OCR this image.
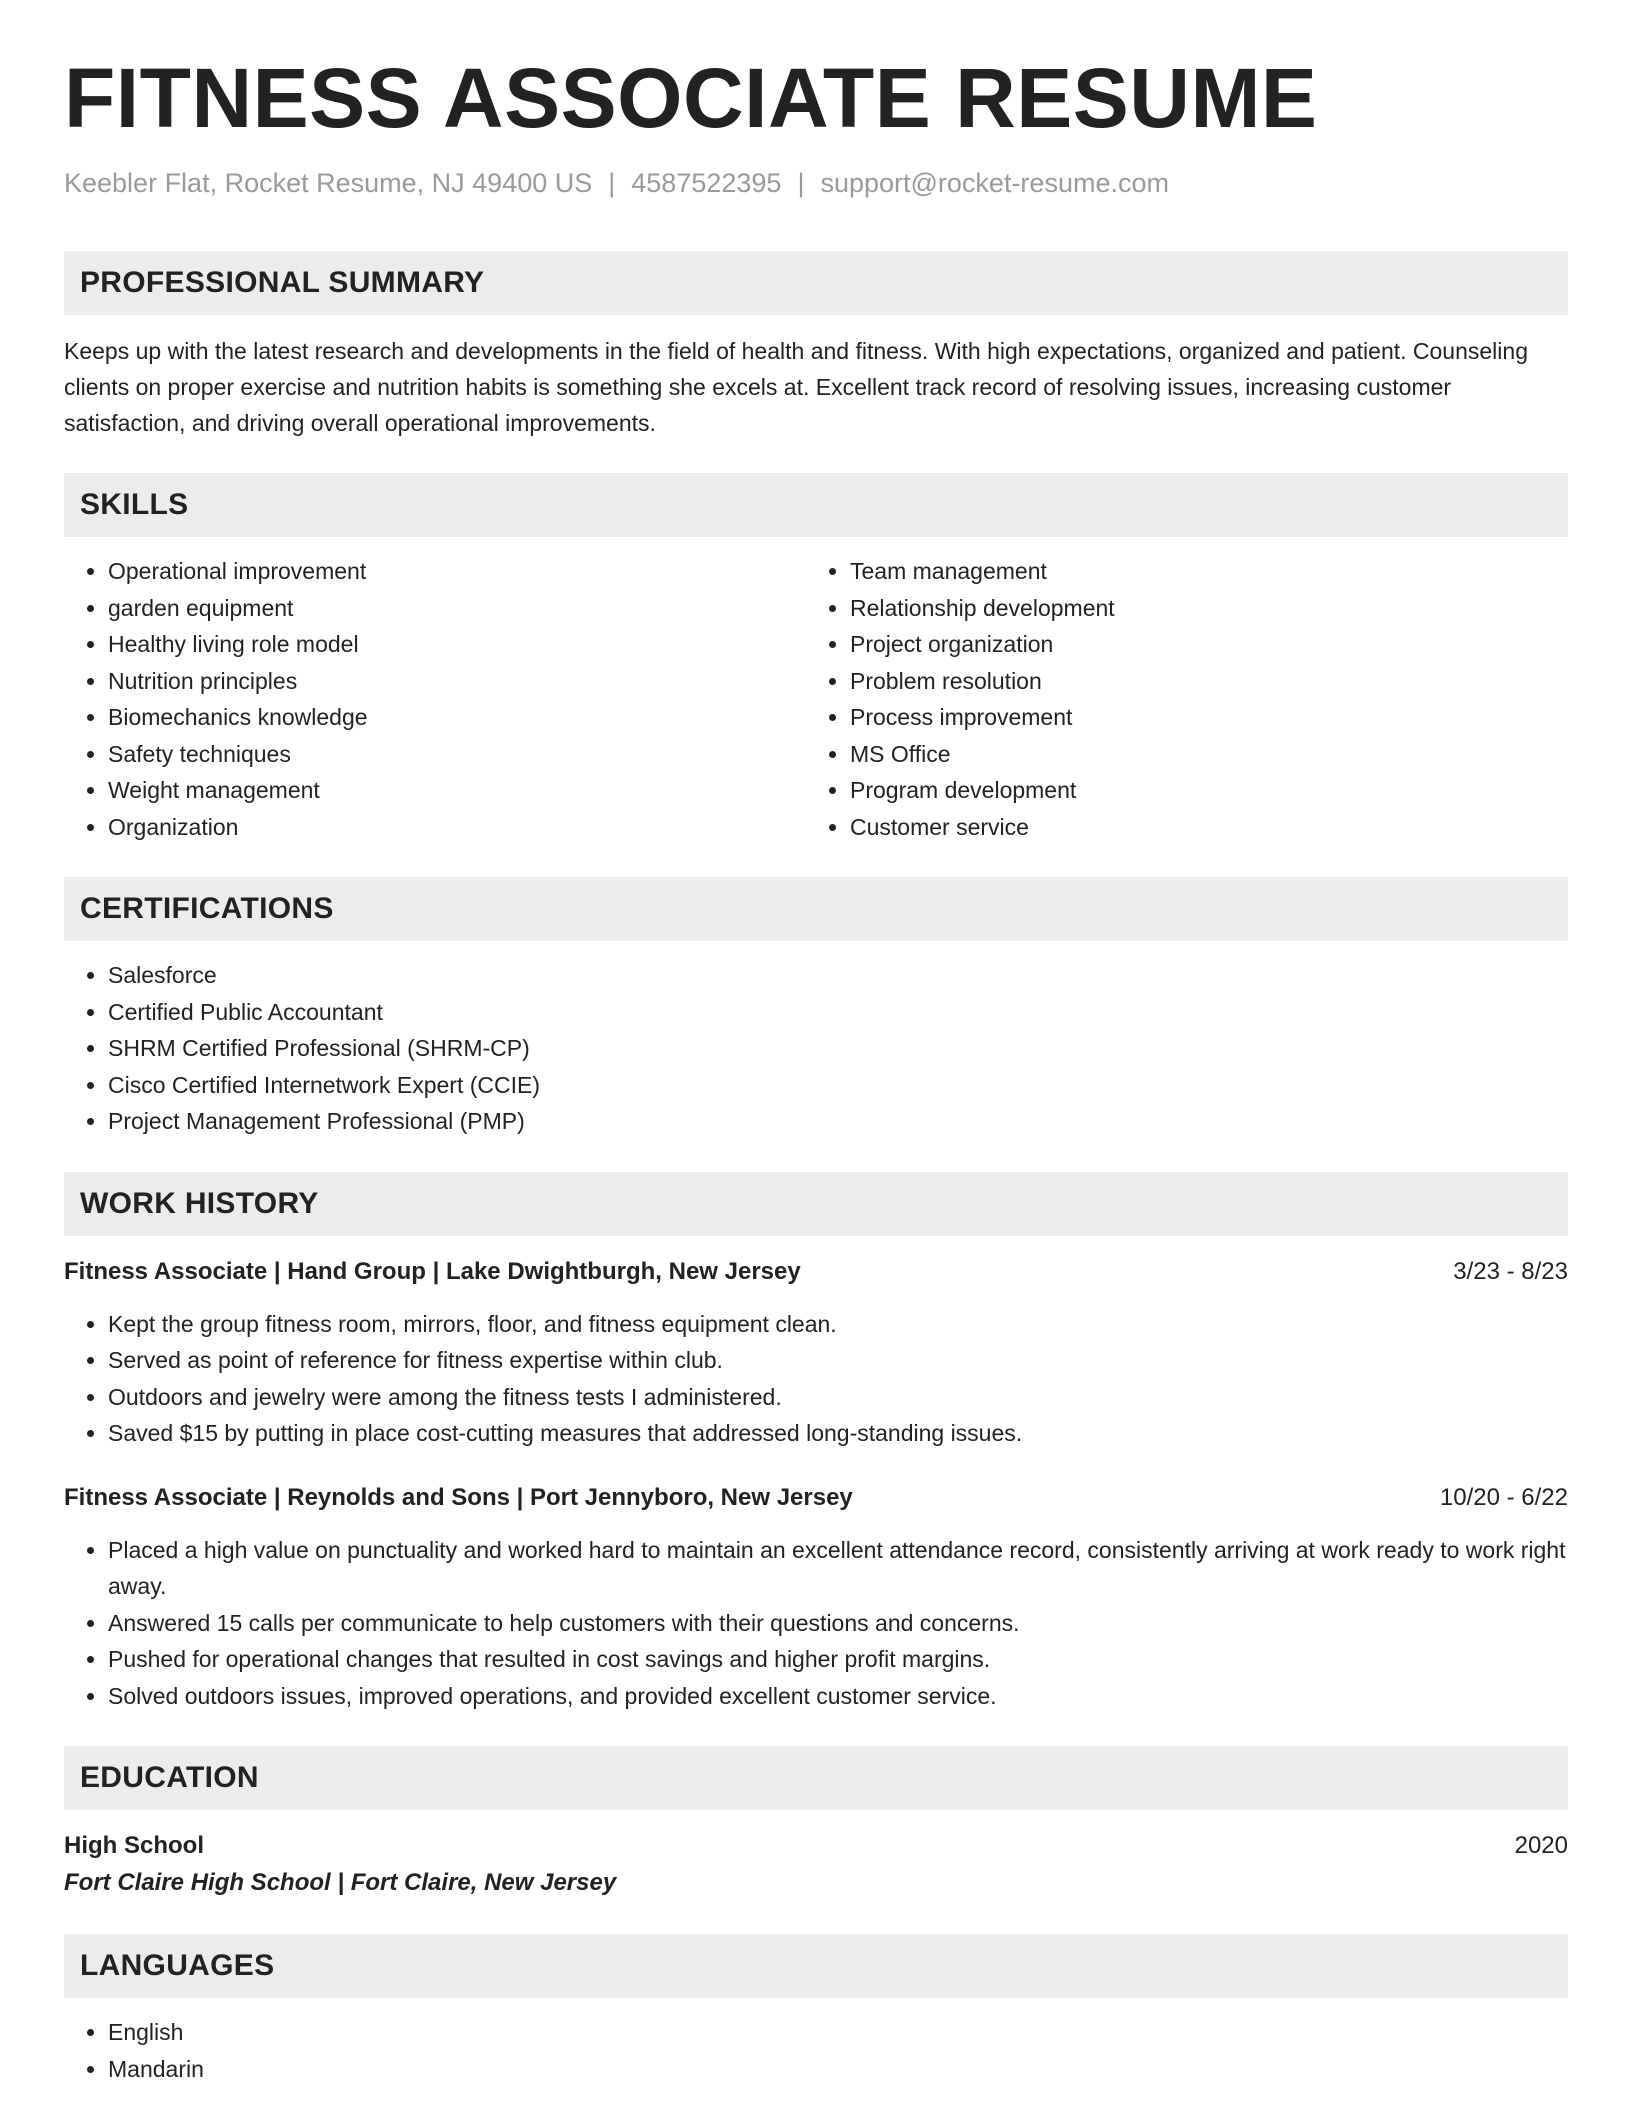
FITNESS ASSOCIATE RESUME
Keebler Flat, Rocket Resume, NJ 49400 US | 4587522395 | support@rocket-resume.com
PROFESSIONAL SUMMARY

Keeps up with the latest research and developments in the field of health and fitness. With high expectations, organized and patient. Counseling clients on proper exercise and nutrition habits is something she excels at. Excellent track record of resolving issues, increasing customer satisfaction, and driving overall operational improvements.

SKILLS
• Operational improvement
• garden equipment
• Healthy living role model
• Nutrition principles
• Biomechanics knowledge
• Safety techniques
• Weight management
• Organization
• Team management
• Relationship development
• Project organization
• Problem resolution
• Process improvement
• MS Office
• Program development
• Customer service
CERTIFICATIONS
• Salesforce
• Certified Public Accountant
• SHRM Certified Professional (SHRM-CP)
• Cisco Certified Internetwork Expert (CCIE)
• Project Management Professional (PMP)
WORK HISTORY
Fitness Associate | Hand Group | Lake Dwightburgh, New Jersey	3/23 - 8/23
• Kept the group fitness room, mirrors, floor, and fitness equipment clean.
• Served as point of reference for fitness expertise within club.
• Outdoors and jewelry were among the fitness tests I administered.
• Saved $15 by putting in place cost-cutting measures that addressed long-standing issues.
Fitness Associate | Reynolds and Sons | Port Jennyboro, New Jersey	10/20 - 6/22
• Placed a high value on punctuality and worked hard to maintain an excellent attendance record, consistently arriving at work ready to work right away.
• Answered 15 calls per communicate to help customers with their questions and concerns.
• Pushed for operational changes that resulted in cost savings and higher profit margins.
• Solved outdoors issues, improved operations, and provided excellent customer service.
EDUCATION
High School	2020
Fort Claire High School | Fort Claire, New Jersey
LANGUAGES
• English
• Mandarin
